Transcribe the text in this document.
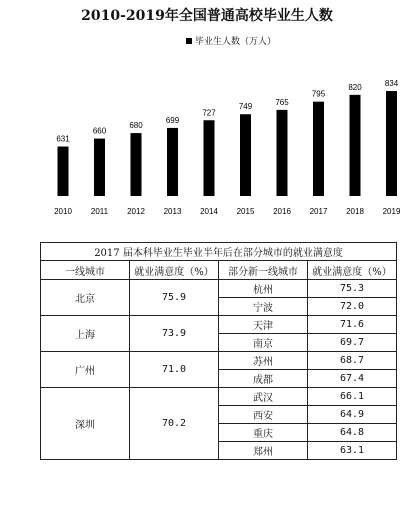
2010-2019年全国普通高校毕业生人数
毕业生人数（万人）
631
660
680
699
727
749	765
795
820	834
2010 2011 2012 2013 2014 2015 2016 2017 2018 2019
2017 届本科毕业生毕业半年后在部分城市的就业满意度			
一线城市	就业满意度（%）	部分新一线城市	就业满意度（%）
北京	75.9	杭州	75.3
		宁波	72.0
上海	73.9	天津	71.6
		南京	69.7
广州	71.0	苏州	68.7
		成都	67.4
深圳	70.2	武汉	66.1
		西安	64.9
		重庆	64.8
		郑州	63.1
